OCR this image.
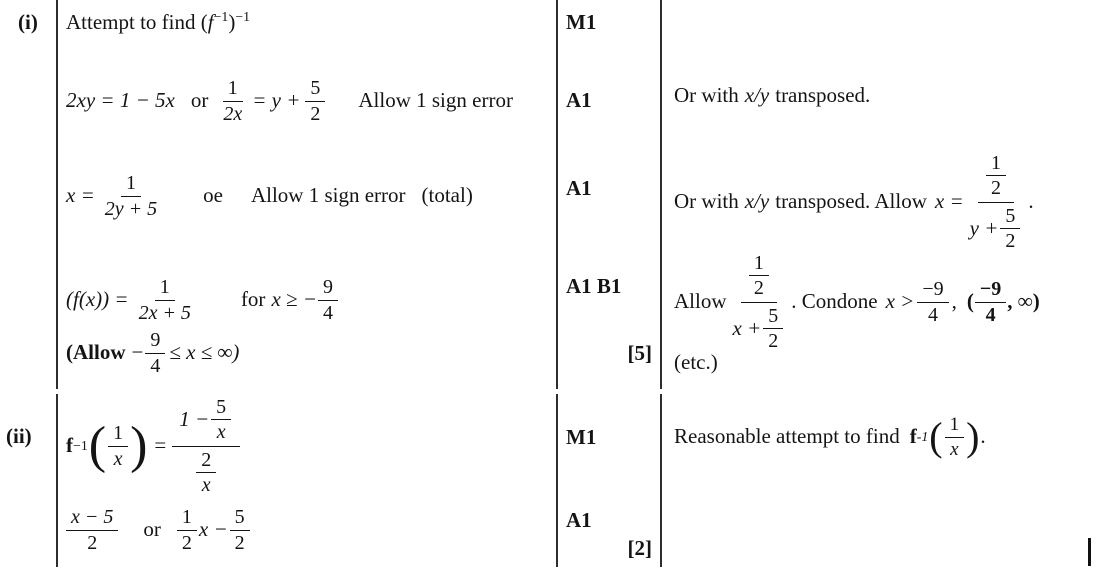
(i)
(ii)
Attempt to find $(f^{-1})^{-1}$
2xy = 1 − 5x or $\frac{1}{2x} = y + \frac{5}{2}$ Allow 1 sign error
$x = \frac{1}{2y + 5}$ oe Allow 1 sign error (total)
$(f(x)) = \frac{1}{2x + 5}$ for x ≥ − $\frac{9}{4}$
(Allow − $\frac{9}{4} \le x$ ≤ ∞)
f −1 ( $\frac{1}{x}$ ) = $\frac{1 - \frac{5}{x}}{\frac{2}{x}}$
$\frac{x - 5}{2}$ or $\frac{1}{2}$ $x - \frac{5}{2}$
M1
A1
A1
A1 B1
[5]
M1
A1
[2]
Or with x/y transposed.
Or with x/y transposed. Allow $x = \frac{\frac{1}{2}}{y + \frac{5}{2}}$ .
Allow $\frac{\frac{1}{2}}{x + \frac{5}{2}}$ . Condone $x > \frac{-9}{4}$ , ( $\frac{-9}{4}$ , ∞)
(etc.)
Reasonable attempt to find f -1 ( $\frac{1}{x}$ ) .
